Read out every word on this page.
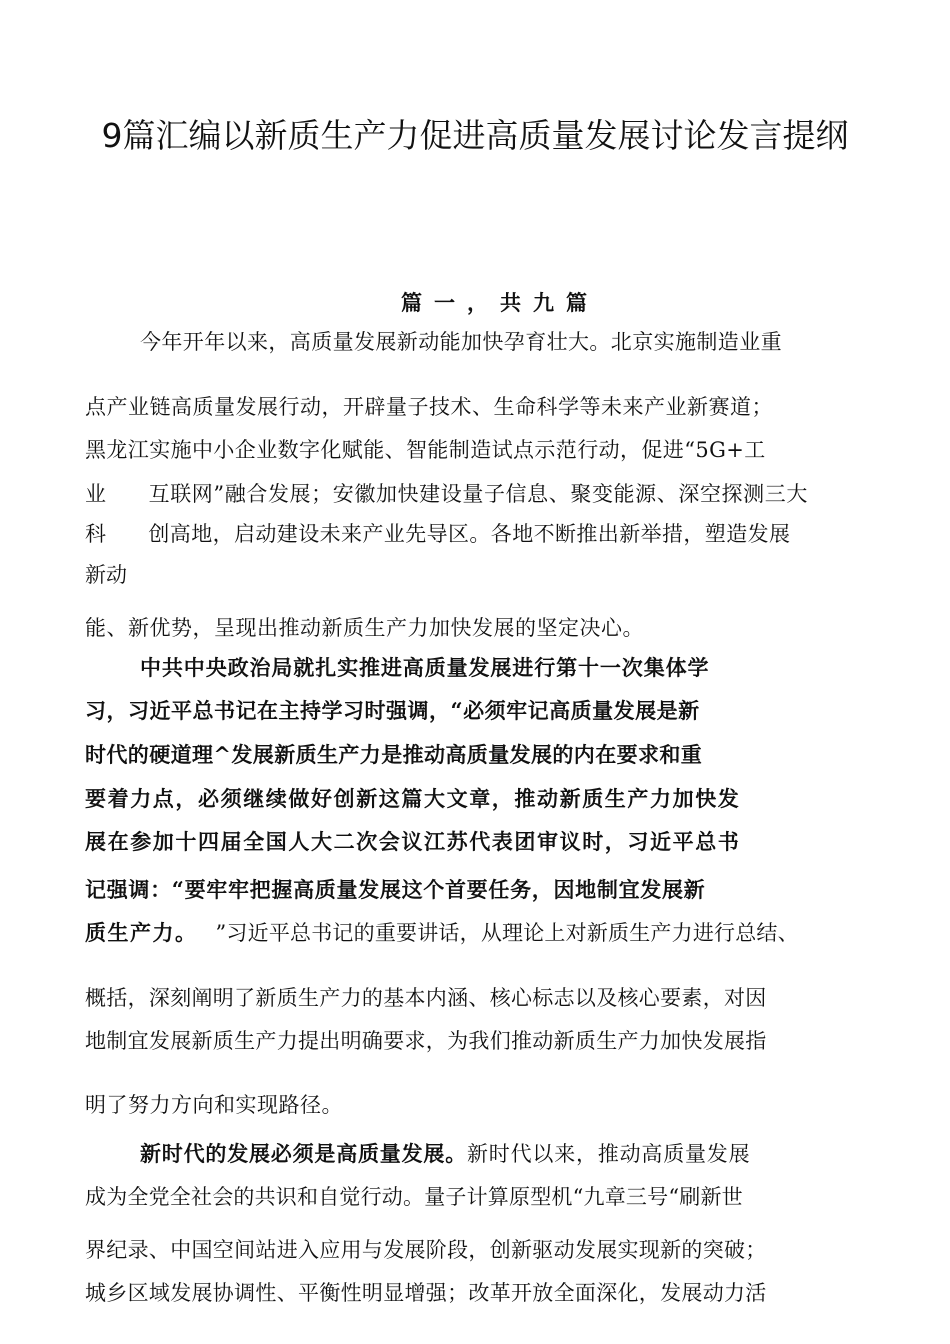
9篇汇编以新质生产力促进高质量发展讨论发言提纲
篇一，共九篇
今年开年以来，高质量发展新动能加快孕育壮大。北京实施制造业重
点产业链高质量发展行动，开辟量子技术、生命科学等未来产业新赛道；
黑龙江实施中小企业数字化赋能、智能制造试点示范行动，促进“5G+工
业 互联网”融合发展；安徽加快建设量子信息、聚变能源、深空探测三大
科 创高地，启动建设未来产业先导区。各地不断推出新举措，塑造发展
新动
能、新优势，呈现出推动新质生产力加快发展的坚定决心。
中共中央政治局就扎实推进高质量发展进行第十一次集体学
习，习近平总书记在主持学习时强调，“必须牢记高质量发展是新
时代的硬道理^发展新质生产力是推动高质量发展的内在要求和重
要着力点，必须继续做好创新这篇大文章，推动新质生产力加快发
展在参加十四届全国人大二次会议江苏代表团审议时，习近平总书
记强调：“要牢牢把握高质量发展这个首要任务，因地制宜发展新
质生产力。 ”习近平总书记的重要讲话，从理论上对新质生产力进行总结、
概括，深刻阐明了新质生产力的基本内涵、核心标志以及核心要素，对因
地制宜发展新质生产力提出明确要求，为我们推动新质生产力加快发展指
明了努力方向和实现路径。
新时代的发展必须是高质量发展。新时代以来，推动高质量发展
成为全党全社会的共识和自觉行动。量子计算原型机“九章三号“刷新世
界纪录、中国空间站进入应用与发展阶段，创新驱动发展实现新的突破；
城乡区域发展协调性、平衡性明显增强；改革开放全面深化，发展动力活
